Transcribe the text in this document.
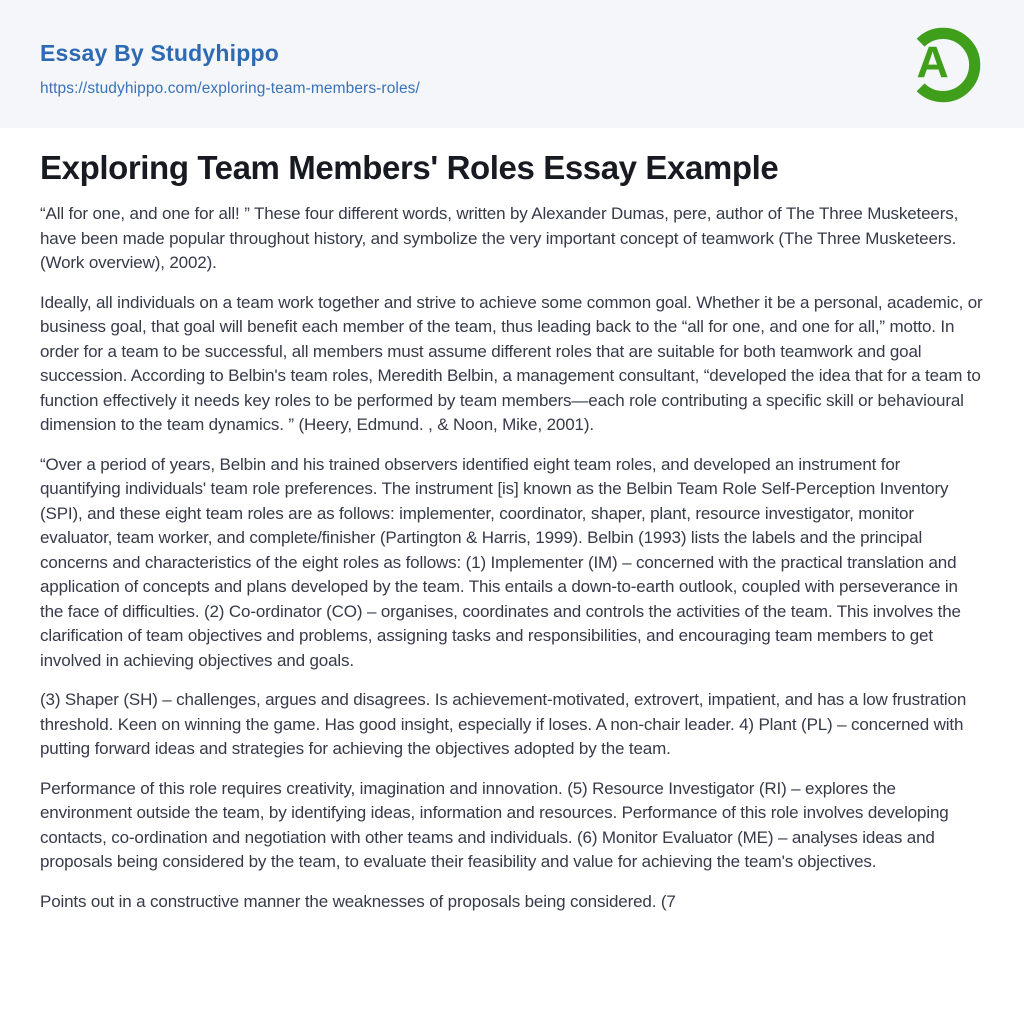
Essay By Studyhippo
https://studyhippo.com/exploring-team-members-roles/
A
Exploring Team Members' Roles Essay Example

“All for one, and one for all! ” These four different words, written by Alexander Dumas, pere, author of The Three Musketeers, have been made popular throughout history, and symbolize the very important concept of teamwork (The Three Musketeers. (Work overview), 2002).

Ideally, all individuals on a team work together and strive to achieve some common goal. Whether it be a personal, academic, or business goal, that goal will benefit each member of the team, thus leading back to the “all for one, and one for all,” motto. In order for a team to be successful, all members must assume different roles that are suitable for both teamwork and goal succession. According to Belbin's team roles, Meredith Belbin, a management consultant, “developed the idea that for a team to function effectively it needs key roles to be performed by team members—each role contributing a specific skill or behavioural dimension to the team dynamics. ” (Heery, Edmund. , & Noon, Mike, 2001).

“Over a period of years, Belbin and his trained observers identified eight team roles, and developed an instrument for quantifying individuals' team role preferences. The instrument [is] known as the Belbin Team Role Self-Perception Inventory (SPI), and these eight team roles are as follows: implementer, coordinator, shaper, plant, resource investigator, monitor evaluator, team worker, and complete/finisher (Partington & Harris, 1999). Belbin (1993) lists the labels and the principal concerns and characteristics of the eight roles as follows: (1) Implementer (IM) – concerned with the practical translation and application of concepts and plans developed by the team. This entails a down-to-earth outlook, coupled with perseverance in the face of difficulties. (2) Co-ordinator (CO) – organises, coordinates and controls the activities of the team. This involves the clarification of team objectives and problems, assigning tasks and responsibilities, and encouraging team members to get involved in achieving objectives and goals.

(3) Shaper (SH) – challenges, argues and disagrees. Is achievement-motivated, extrovert, impatient, and has a low frustration threshold. Keen on winning the game. Has good insight, especially if loses. A non-chair leader. 4) Plant (PL) – concerned with putting forward ideas and strategies for achieving the objectives adopted by the team.

Performance of this role requires creativity, imagination and innovation. (5) Resource Investigator (RI) – explores the environment outside the team, by identifying ideas, information and resources. Performance of this role involves developing contacts, co-ordination and negotiation with other teams and individuals. (6) Monitor Evaluator (ME) – analyses ideas and proposals being considered by the team, to evaluate their feasibility and value for achieving the team's objectives.

Points out in a constructive manner the weaknesses of proposals being considered. (7
